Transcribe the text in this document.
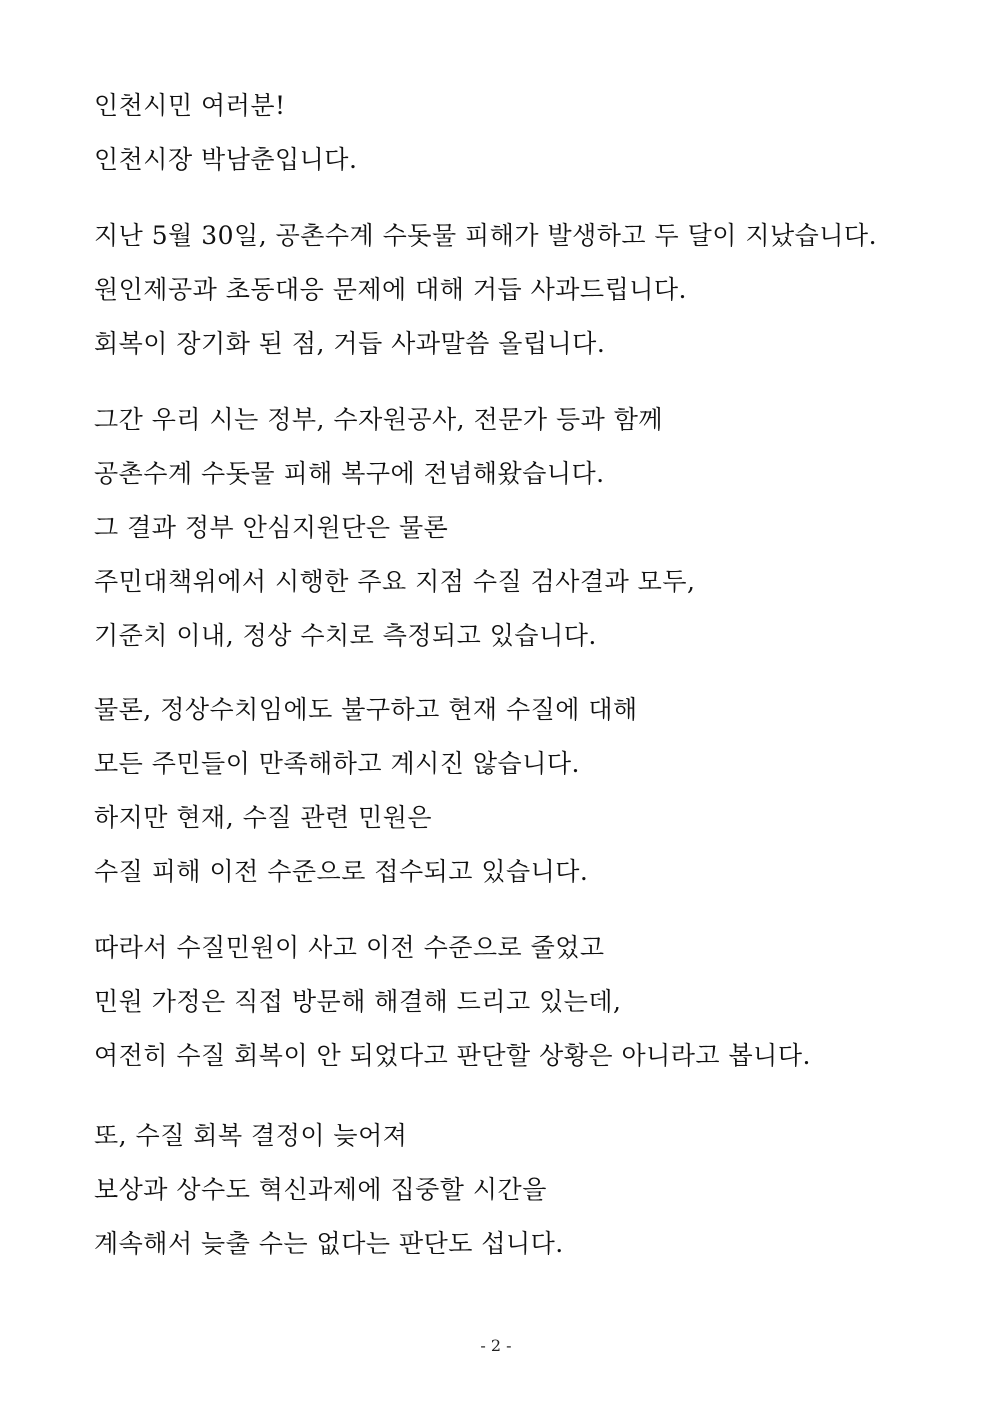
인천시민 여러분!
인천시장 박남춘입니다.
지난 5월 30일, 공촌수계 수돗물 피해가 발생하고 두 달이 지났습니다.
원인제공과 초동대응 문제에 대해 거듭 사과드립니다.
회복이 장기화 된 점, 거듭 사과말씀 올립니다.
그간 우리 시는 정부, 수자원공사, 전문가 등과 함께
공촌수계 수돗물 피해 복구에 전념해왔습니다.
그 결과 정부 안심지원단은 물론
주민대책위에서 시행한 주요 지점 수질 검사결과 모두,
기준치 이내, 정상 수치로 측정되고 있습니다.
물론, 정상수치임에도 불구하고 현재 수질에 대해
모든 주민들이 만족해하고 계시진 않습니다.
하지만 현재, 수질 관련 민원은
수질 피해 이전 수준으로 접수되고 있습니다.
따라서 수질민원이 사고 이전 수준으로 줄었고
민원 가정은 직접 방문해 해결해 드리고 있는데,
여전히 수질 회복이 안 되었다고 판단할 상황은 아니라고 봅니다.
또, 수질 회복 결정이 늦어져
보상과 상수도 혁신과제에 집중할 시간을
계속해서 늦출 수는 없다는 판단도 섭니다.
- 2 -
